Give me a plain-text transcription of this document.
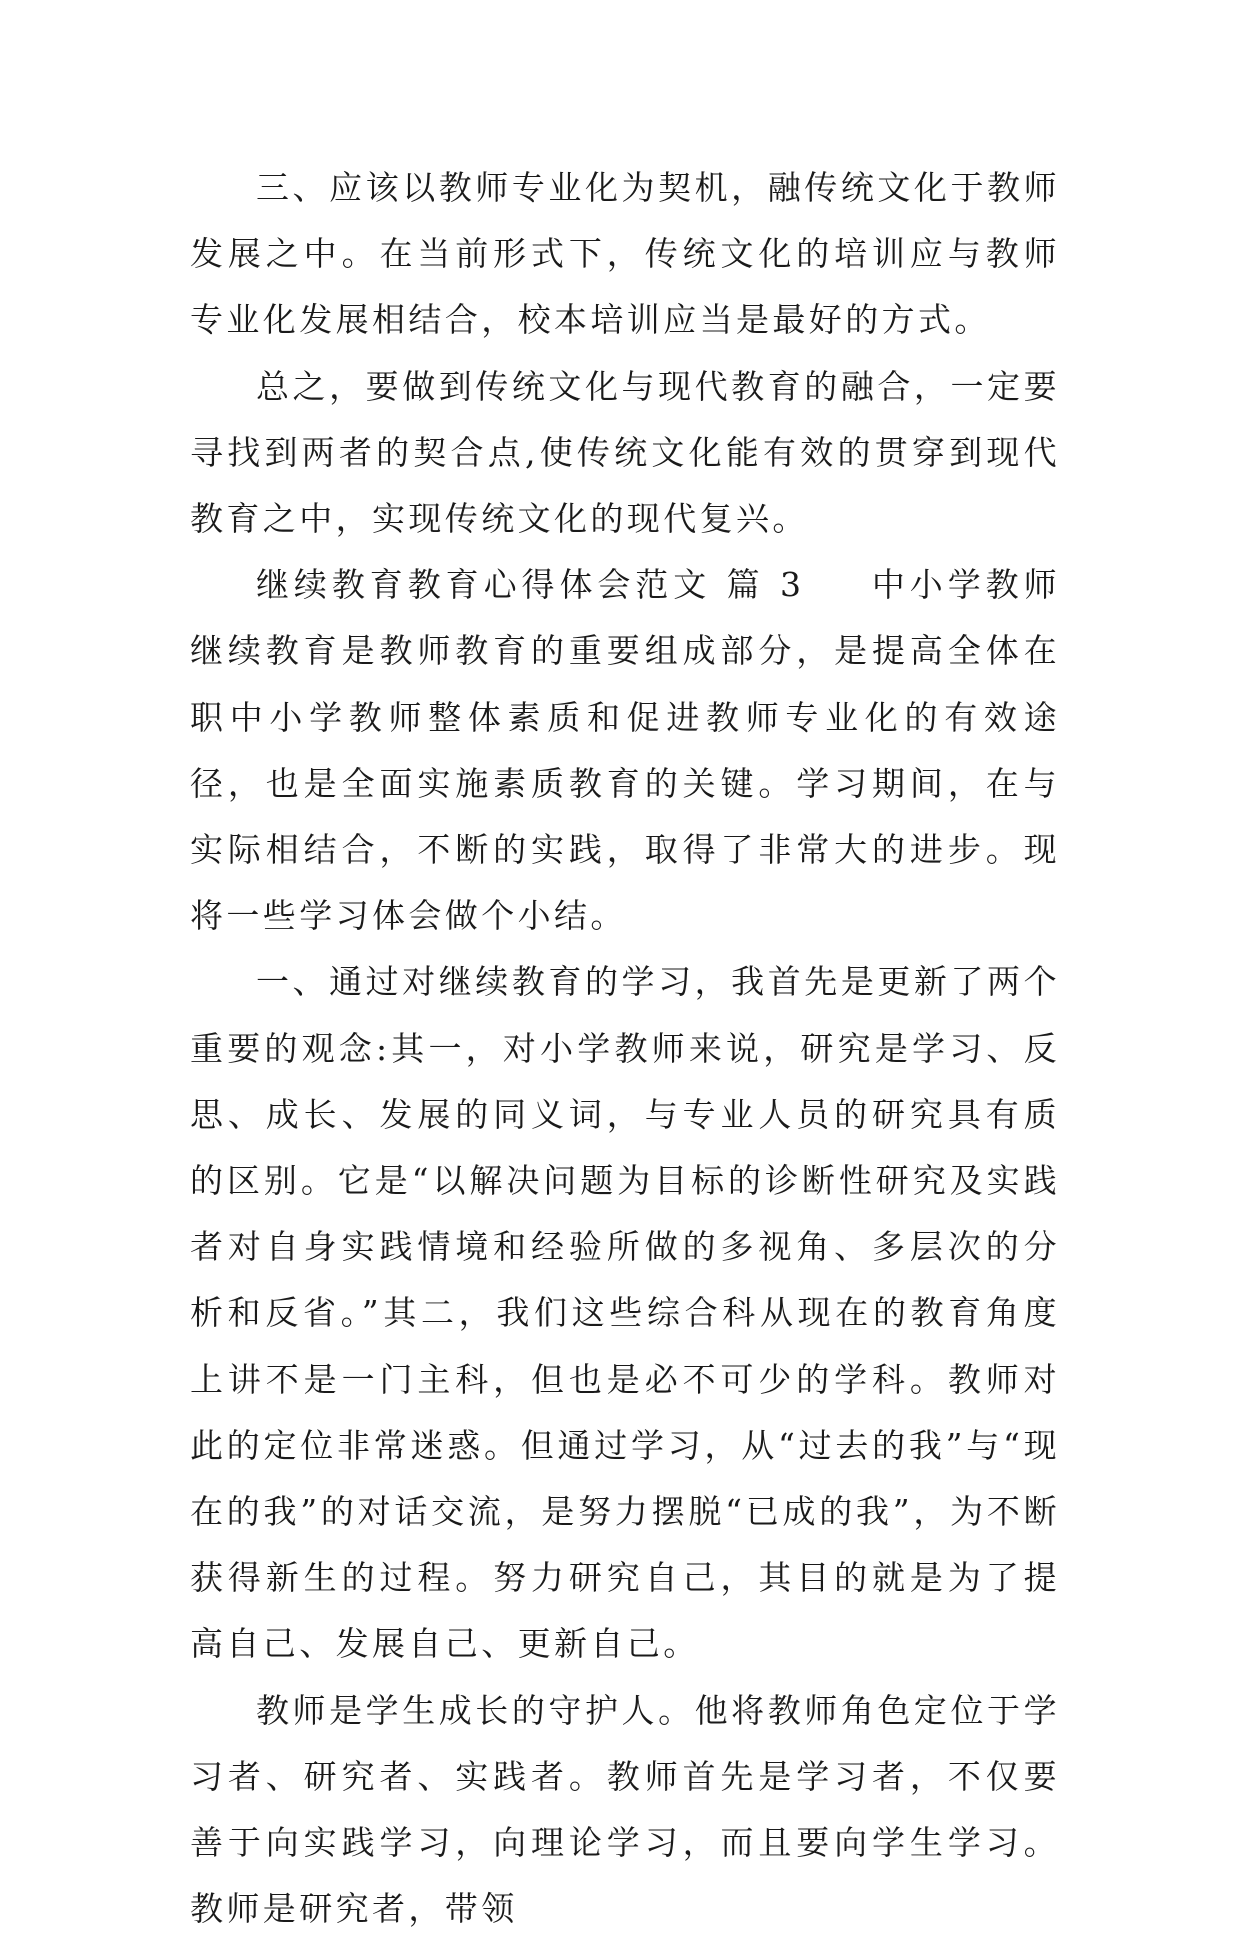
三、应该以教师专业化为契机，融传统文化于教师发展之中。在当前形式下，传统文化的培训应与教师专业化发展相结合，校本培训应当是最好的方式。

总之，要做到传统文化与现代教育的融合，一定要寻找到两者的契合点,使传统文化能有效的贯穿到现代教育之中，实现传统文化的现代复兴。

继续教育教育心得体会范文 篇 3 中小学教师继续教育是教师教育的重要组成部分，是提高全体在职中小学教师整体素质和促进教师专业化的有效途径，也是全面实施素质教育的关键。学习期间，在与实际相结合，不断的实践，取得了非常大的进步。现将一些学习体会做个小结。

一、通过对继续教育的学习，我首先是更新了两个重要的观念:其一，对小学教师来说，研究是学习、反思、成长、发展的同义词，与专业人员的研究具有质的区别。它是“以解决问题为目标的诊断性研究及实践者对自身实践情境和经验所做的多视角、多层次的分析和反省。”其二，我们这些综合科从现在的教育角度上讲不是一门主科，但也是必不可少的学科。教师对此的定位非常迷惑。但通过学习，从“过去的我”与“现在的我”的对话交流，是努力摆脱“已成的我”，为不断获得新生的过程。努力研究自己，其目的就是为了提高自己、发展自己、更新自己。

教师是学生成长的守护人。他将教师角色定位于学习者、研究者、实践者。教师首先是学习者，不仅要善于向实践学习，向理论学习，而且要向学生学习。教师是研究者，带领
